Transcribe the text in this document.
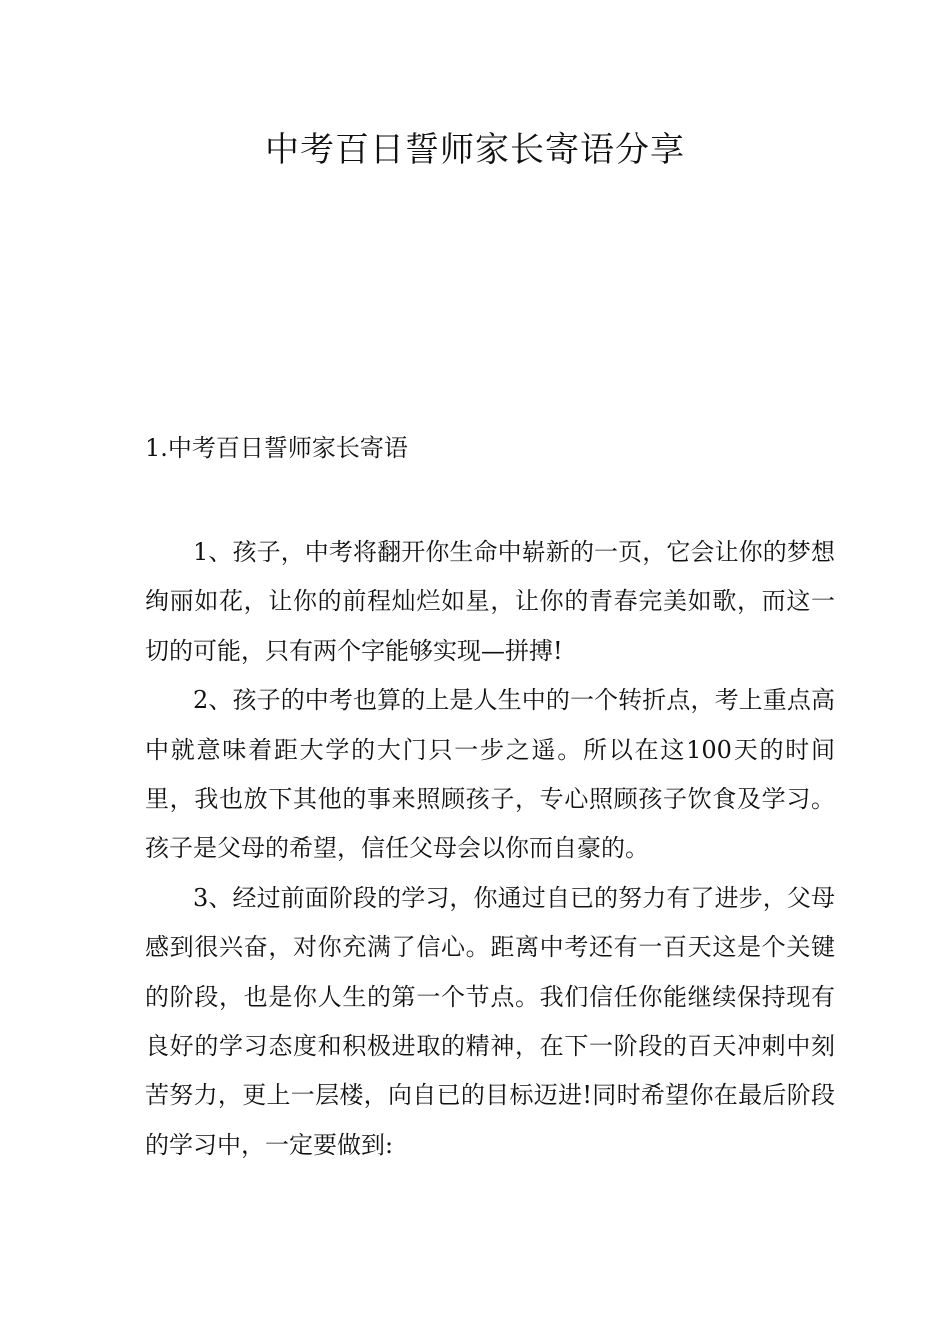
中考百日誓师家长寄语分享
1.中考百日誓师家长寄语

1、孩子，中考将翻开你生命中崭新的一页，它会让你的梦想绚丽如花，让你的前程灿烂如星，让你的青春完美如歌，而这一切的可能，只有两个字能够实现—拼搏!

2、孩子的中考也算的上是人生中的一个转折点，考上重点高中就意味着距大学的大门只一步之遥。所以在这100天的时间里，我也放下其他的事来照顾孩子，专心照顾孩子饮食及学习。孩子是父母的希望，信任父母会以你而自豪的。

3、经过前面阶段的学习，你通过自已的努力有了进步，父母感到很兴奋，对你充满了信心。距离中考还有一百天这是个关键的阶段，也是你人生的第一个节点。我们信任你能继续保持现有良好的学习态度和积极进取的精神，在下一阶段的百天冲刺中刻苦努力，更上一层楼，向自已的目标迈进!同时希望你在最后阶段的学习中，一定要做到:
